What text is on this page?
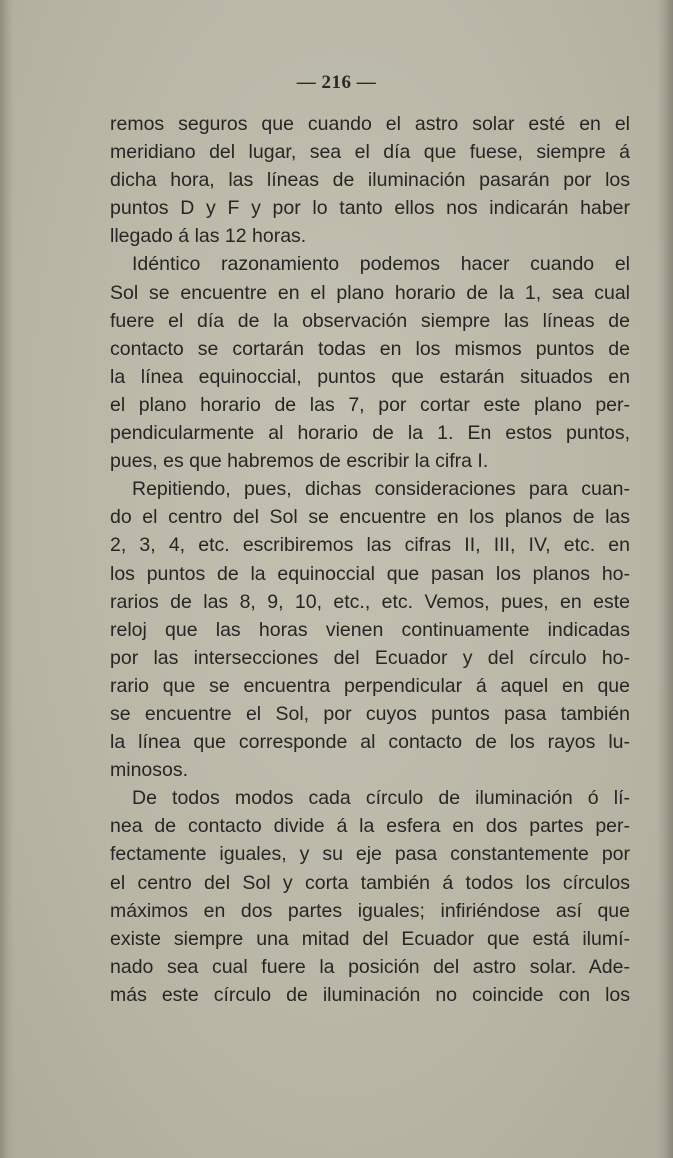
— 216 —
remos seguros que cuando el astro solar esté en el
meridiano del lugar, sea el día que fuese, siempre á
dicha hora, las líneas de iluminación pasarán por los
puntos D y F y por lo tanto ellos nos indicarán haber
llegado á las 12 horas.
Idéntico razonamiento podemos hacer cuando el
Sol se encuentre en el plano horario de la 1, sea cual
fuere el día de la observación siempre las líneas de
contacto se cortarán todas en los mismos puntos de
la línea equinoccial, puntos que estarán situados en
el plano horario de las 7, por cortar este plano per-
pendicularmente al horario de la 1. En estos puntos,
pues, es que habremos de escribir la cifra I.
Repitiendo, pues, dichas consideraciones para cuan-
do el centro del Sol se encuentre en los planos de las
2, 3, 4, etc. escribiremos las cifras II, III, IV, etc. en
los puntos de la equinoccial que pasan los planos ho-
rarios de las 8, 9, 10, etc., etc. Vemos, pues, en este
reloj que las horas vienen continuamente indicadas
por las intersecciones del Ecuador y del círculo ho-
rario que se encuentra perpendicular á aquel en que
se encuentre el Sol, por cuyos puntos pasa también
la línea que corresponde al contacto de los rayos lu-
minosos.
De todos modos cada círculo de iluminación ó lí-
nea de contacto divide á la esfera en dos partes per-
fectamente iguales, y su eje pasa constantemente por
el centro del Sol y corta también á todos los círculos
máximos en dos partes iguales; infiriéndose así que
existe siempre una mitad del Ecuador que está ilumí-
nado sea cual fuere la posición del astro solar. Ade-
más este círculo de iluminación no coincide con los
